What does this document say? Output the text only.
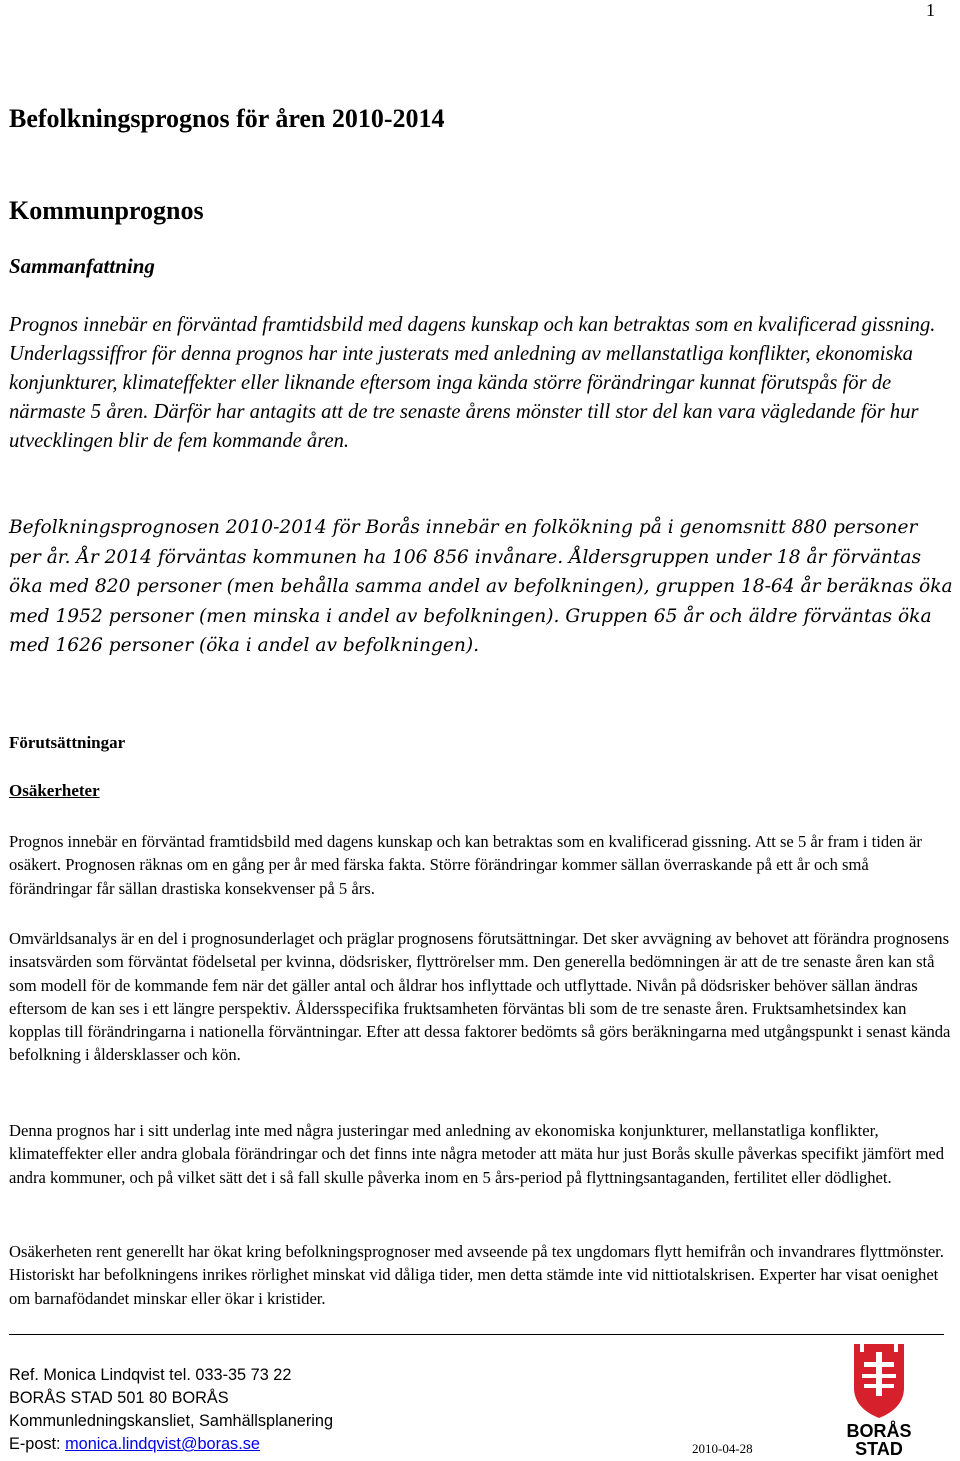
1
Befolkningsprognos för åren 2010-2014
Kommunprognos
Sammanfattning

Prognos innebär en förväntad framtidsbild med dagens kunskap och kan betraktas som en kvalificerad gissning. Underlagssiffror för denna prognos har inte justerats med anledning av mellanstatliga konflikter, ekonomiska konjunkturer, klimateffekter eller liknande eftersom inga kända större förändringar kunnat förutspås för de närmaste 5 åren. Därför har antagits att de tre senaste årens mönster till stor del kan vara vägledande för hur utvecklingen blir de fem kommande åren.

Befolkningsprognosen 2010-2014 för Borås innebär en folkökning på i genomsnitt 880 personer per år. År 2014 förväntas kommunen ha 106 856 invånare. Åldersgruppen under 18 år förväntas öka med 820 personer (men behålla samma andel av befolkningen), gruppen 18-64 år beräknas öka med 1952 personer (men minska i andel av befolkningen). Gruppen 65 år och äldre förväntas öka med 1626 personer (öka i andel av befolkningen).

Förutsättningar
Osäkerheter

Prognos innebär en förväntad framtidsbild med dagens kunskap och kan betraktas som en kvalificerad gissning. Att se 5 år fram i tiden är osäkert. Prognosen räknas om en gång per år med färska fakta. Större förändringar kommer sällan överraskande på ett år och små förändringar får sällan drastiska konsekvenser på 5 års.

Omvärldsanalys är en del i prognosunderlaget och präglar prognosens förutsättningar. Det sker avvägning av behovet att förändra prognosens insatsvärden som förväntat födelsetal per kvinna, dödsrisker, flyttrörelser mm. Den generella bedömningen är att de tre senaste åren kan stå som modell för de kommande fem när det gäller antal och åldrar hos inflyttade och utflyttade. Nivån på dödsrisker behöver sällan ändras eftersom de kan ses i ett längre perspektiv. Åldersspecifika fruktsamheten förväntas bli som de tre senaste åren. Fruktsamhetsindex kan kopplas till förändringarna i nationella förväntningar. Efter att dessa faktorer bedömts så görs beräkningarna med utgångspunkt i senast kända befolkning i åldersklasser och kön.

Denna prognos har i sitt underlag inte med några justeringar med anledning av ekonomiska konjunkturer, mellanstatliga konflikter, klimateffekter eller andra globala förändringar och det finns inte några metoder att mäta hur just Borås skulle påverkas specifikt jämfört med andra kommuner, och på vilket sätt det i så fall skulle påverka inom en 5 års-period på flyttningsantaganden, fertilitet eller dödlighet.

Osäkerheten rent generellt har ökat kring befolkningsprognoser med avseende på tex ungdomars flytt hemifrån och invandrares flyttmönster. Historiskt har befolkningens inrikes rörlighet minskat vid dåliga tider, men detta stämde inte vid nittiotalskrisen. Experter har visat oenighet om barnafödandet minskar eller ökar i kristider.

Ref. Monica Lindqvist tel. 033-35 73 22
BORÅS STAD 501 80 BORÅS
Kommunledningskansliet, Samhällsplanering
E-post: monica.lindqvist@boras.se	2010-04-28
BORÅS
STAD
